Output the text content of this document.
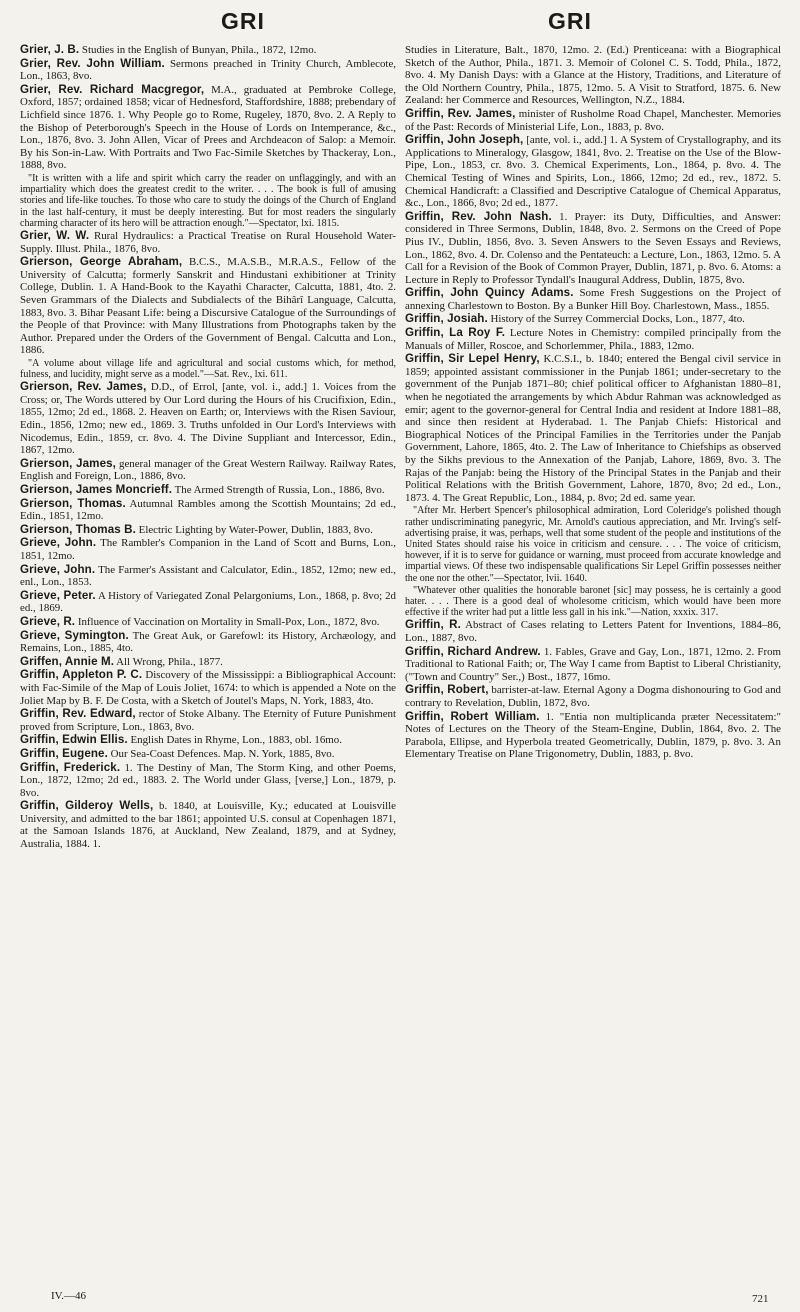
GRI	GRI

Grier, J. B. Studies in the English of Bunyan, Phila., 1872, 12mo.

Grier, Rev. John William. Sermons preached in Trinity Church, Amblecote, Lon., 1863, 8vo.

Grier, Rev. Richard Macgregor, M.A., graduated at Pembroke College, Oxford, 1857; ordained 1858; vicar of Hednesford, Staffordshire, 1888; prebendary of Lichfield since 1876. 1. Why People go to Rome, Rugeley, 1870, 8vo. 2. A Reply to the Bishop of Peterborough's Speech in the House of Lords on Intemperance, &c., Lon., 1876, 8vo. 3. John Allen, Vicar of Prees and Archdeacon of Salop: a Memoir. By his Son-in-Law. With Portraits and Two Fac-Simile Sketches by Thackeray, Lon., 1888, 8vo.

"It is written with a life and spirit which carry the reader on unflaggingly, and with an impartiality which does the greatest credit to the writer. . . . The book is full of amusing stories and life-like touches. To those who care to study the doings of the Church of England in the last half-century, it must be deeply interesting. But for most readers the singularly charming character of its hero will be attraction enough."—Spectator, lxi. 1815.

Grier, W. W. Rural Hydraulics: a Practical Treatise on Rural Household Water-Supply. Illust. Phila., 1876, 8vo.

Grierson, George Abraham, B.C.S., M.A.S.B., M.R.A.S., Fellow of the University of Calcutta; formerly Sanskrit and Hindustani exhibitioner at Trinity College, Dublin. 1. A Hand-Book to the Kayathi Character, Calcutta, 1881, 4to. 2. Seven Grammars of the Dialects and Subdialects of the Bihârî Language, Calcutta, 1883, 8vo. 3. Bihar Peasant Life: being a Discursive Catalogue of the Surroundings of the People of that Province: with Many Illustrations from Photographs taken by the Author. Prepared under the Orders of the Government of Bengal. Calcutta and Lon., 1886.

"A volume about village life and agricultural and social customs which, for method, fulness, and lucidity, might serve as a model."—Sat. Rev., lxi. 611.

Grierson, Rev. James, D.D., of Errol, [ante, vol. i., add.] 1. Voices from the Cross; or, The Words uttered by Our Lord during the Hours of his Crucifixion, Edin., 1855, 12mo; 2d ed., 1868. 2. Heaven on Earth; or, Interviews with the Risen Saviour, Edin., 1856, 12mo; new ed., 1869. 3. Truths unfolded in Our Lord's Interviews with Nicodemus, Edin., 1859, cr. 8vo. 4. The Divine Suppliant and Intercessor, Edin., 1867, 12mo.

Grierson, James, general manager of the Great Western Railway. Railway Rates, English and Foreign, Lon., 1886, 8vo.

Grierson, James Moncrieff. The Armed Strength of Russia, Lon., 1886, 8vo.

Grierson, Thomas. Autumnal Rambles among the Scottish Mountains; 2d ed., Edin., 1851, 12mo.

Grierson, Thomas B. Electric Lighting by Water-Power, Dublin, 1883, 8vo.

Grieve, John. The Rambler's Companion in the Land of Scott and Burns, Lon., 1851, 12mo.

Grieve, John. The Farmer's Assistant and Calculator, Edin., 1852, 12mo; new ed., enl., Lon., 1853.

Grieve, Peter. A History of Variegated Zonal Pelargoniums, Lon., 1868, p. 8vo; 2d ed., 1869.

Grieve, R. Influence of Vaccination on Mortality in Small-Pox, Lon., 1872, 8vo.

Grieve, Symington. The Great Auk, or Garefowl: its History, Archæology, and Remains, Lon., 1885, 4to.

Griffen, Annie M. All Wrong, Phila., 1877.

Griffin, Appleton P. C. Discovery of the Mississippi: a Bibliographical Account: with Fac-Simile of the Map of Louis Joliet, 1674: to which is appended a Note on the Joliet Map by B. F. De Costa, with a Sketch of Joutel's Maps, N. York, 1883, 4to.

Griffin, Rev. Edward, rector of Stoke Albany. The Eternity of Future Punishment proved from Scripture, Lon., 1863, 8vo.

Griffin, Edwin Ellis. English Dates in Rhyme, Lon., 1883, obl. 16mo.

Griffin, Eugene. Our Sea-Coast Defences. Map. N. York, 1885, 8vo.

Griffin, Frederick. 1. The Destiny of Man, The Storm King, and other Poems, Lon., 1872, 12mo; 2d ed., 1883. 2. The World under Glass, [verse,] Lon., 1879, p. 8vo.

Griffin, Gilderoy Wells, b. 1840, at Louisville, Ky.; educated at Louisville University, and admitted to the bar 1861; appointed U.S. consul at Copenhagen 1871, at the Samoan Islands 1876, at Auckland, New Zealand, 1879, and at Sydney, Australia, 1884. 1.

Studies in Literature, Balt., 1870, 12mo. 2. (Ed.) Prenticeana: with a Biographical Sketch of the Author, Phila., 1871. 3. Memoir of Colonel C. S. Todd, Phila., 1872, 8vo. 4. My Danish Days: with a Glance at the History, Traditions, and Literature of the Old Northern Country, Phila., 1875, 12mo. 5. A Visit to Stratford, 1875. 6. New Zealand: her Commerce and Resources, Wellington, N.Z., 1884.

Griffin, Rev. James, minister of Rusholme Road Chapel, Manchester. Memories of the Past: Records of Ministerial Life, Lon., 1883, p. 8vo.

Griffin, John Joseph, [ante, vol. i., add.] 1. A System of Crystallography, and its Applications to Mineralogy, Glasgow, 1841, 8vo. 2. Treatise on the Use of the Blow-Pipe, Lon., 1853, cr. 8vo. 3. Chemical Experiments, Lon., 1864, p. 8vo. 4. The Chemical Testing of Wines and Spirits, Lon., 1866, 12mo; 2d ed., rev., 1872. 5. Chemical Handicraft: a Classified and Descriptive Catalogue of Chemical Apparatus, &c., Lon., 1866, 8vo; 2d ed., 1877.

Griffin, Rev. John Nash. 1. Prayer: its Duty, Difficulties, and Answer: considered in Three Sermons, Dublin, 1848, 8vo. 2. Sermons on the Creed of Pope Pius IV., Dublin, 1856, 8vo. 3. Seven Answers to the Seven Essays and Reviews, Lon., 1862, 8vo. 4. Dr. Colenso and the Pentateuch: a Lecture, Lon., 1863, 12mo. 5. A Call for a Revision of the Book of Common Prayer, Dublin, 1871, p. 8vo. 6. Atoms: a Lecture in Reply to Professor Tyndall's Inaugural Address, Dublin, 1875, 8vo.

Griffin, John Quincy Adams. Some Fresh Suggestions on the Project of annexing Charlestown to Boston. By a Bunker Hill Boy. Charlestown, Mass., 1855.

Griffin, Josiah. History of the Surrey Commercial Docks, Lon., 1877, 4to.

Griffin, La Roy F. Lecture Notes in Chemistry: compiled principally from the Manuals of Miller, Roscoe, and Schorlemmer, Phila., 1883, 12mo.

Griffin, Sir Lepel Henry, K.C.S.I., b. 1840; entered the Bengal civil service in 1859; appointed assistant commissioner in the Punjab 1861; under-secretary to the government of the Punjab 1871–80; chief political officer to Afghanistan 1880–81, when he negotiated the arrangements by which Abdur Rahman was acknowledged as emir; agent to the governor-general for Central India and resident at Indore 1881–88, and since then resident at Hyderabad. 1. The Panjab Chiefs: Historical and Biographical Notices of the Principal Families in the Territories under the Panjab Government, Lahore, 1865, 4to. 2. The Law of Inheritance to Chiefships as observed by the Sikhs previous to the Annexation of the Panjab, Lahore, 1869, 8vo. 3. The Rajas of the Panjab: being the History of the Principal States in the Panjab and their Political Relations with the British Government, Lahore, 1870, 8vo; 2d ed., Lon., 1873. 4. The Great Republic, Lon., 1884, p. 8vo; 2d ed. same year.

"After Mr. Herbert Spencer's philosophical admiration, Lord Coleridge's polished though rather undiscriminating panegyric, Mr. Arnold's cautious appreciation, and Mr. Irving's self-advertising praise, it was, perhaps, well that some student of the people and institutions of the United States should raise his voice in criticism and censure. . . . The voice of criticism, however, if it is to serve for guidance or warning, must proceed from accurate knowledge and impartial views. Of these two indispensable qualifications Sir Lepel Griffin possesses neither the one nor the other."—Spectator, lvii. 1640.

"Whatever other qualities the honorable baronet [sic] may possess, he is certainly a good hater. . . . There is a good deal of wholesome criticism, which would have been more effective if the writer had put a little less gall in his ink."—Nation, xxxix. 317.

Griffin, R. Abstract of Cases relating to Letters Patent for Inventions, 1884–86, Lon., 1887, 8vo.

Griffin, Richard Andrew. 1. Fables, Grave and Gay, Lon., 1871, 12mo. 2. From Traditional to Rational Faith; or, The Way I came from Baptist to Liberal Christianity, ("Town and Country" Ser.,) Bost., 1877, 16mo.

Griffin, Robert, barrister-at-law. Eternal Agony a Dogma dishonouring to God and contrary to Revelation, Dublin, 1872, 8vo.

Griffin, Robert William. 1. "Entia non multiplicanda præter Necessitatem:" Notes of Lectures on the Theory of the Steam-Engine, Dublin, 1864, 8vo. 2. The Parabola, Ellipse, and Hyperbola treated Geometrically, Dublin, 1879, p. 8vo. 3. An Elementary Treatise on Plane Trigonometry, Dublin, 1883, p. 8vo.

IV.—46	721
